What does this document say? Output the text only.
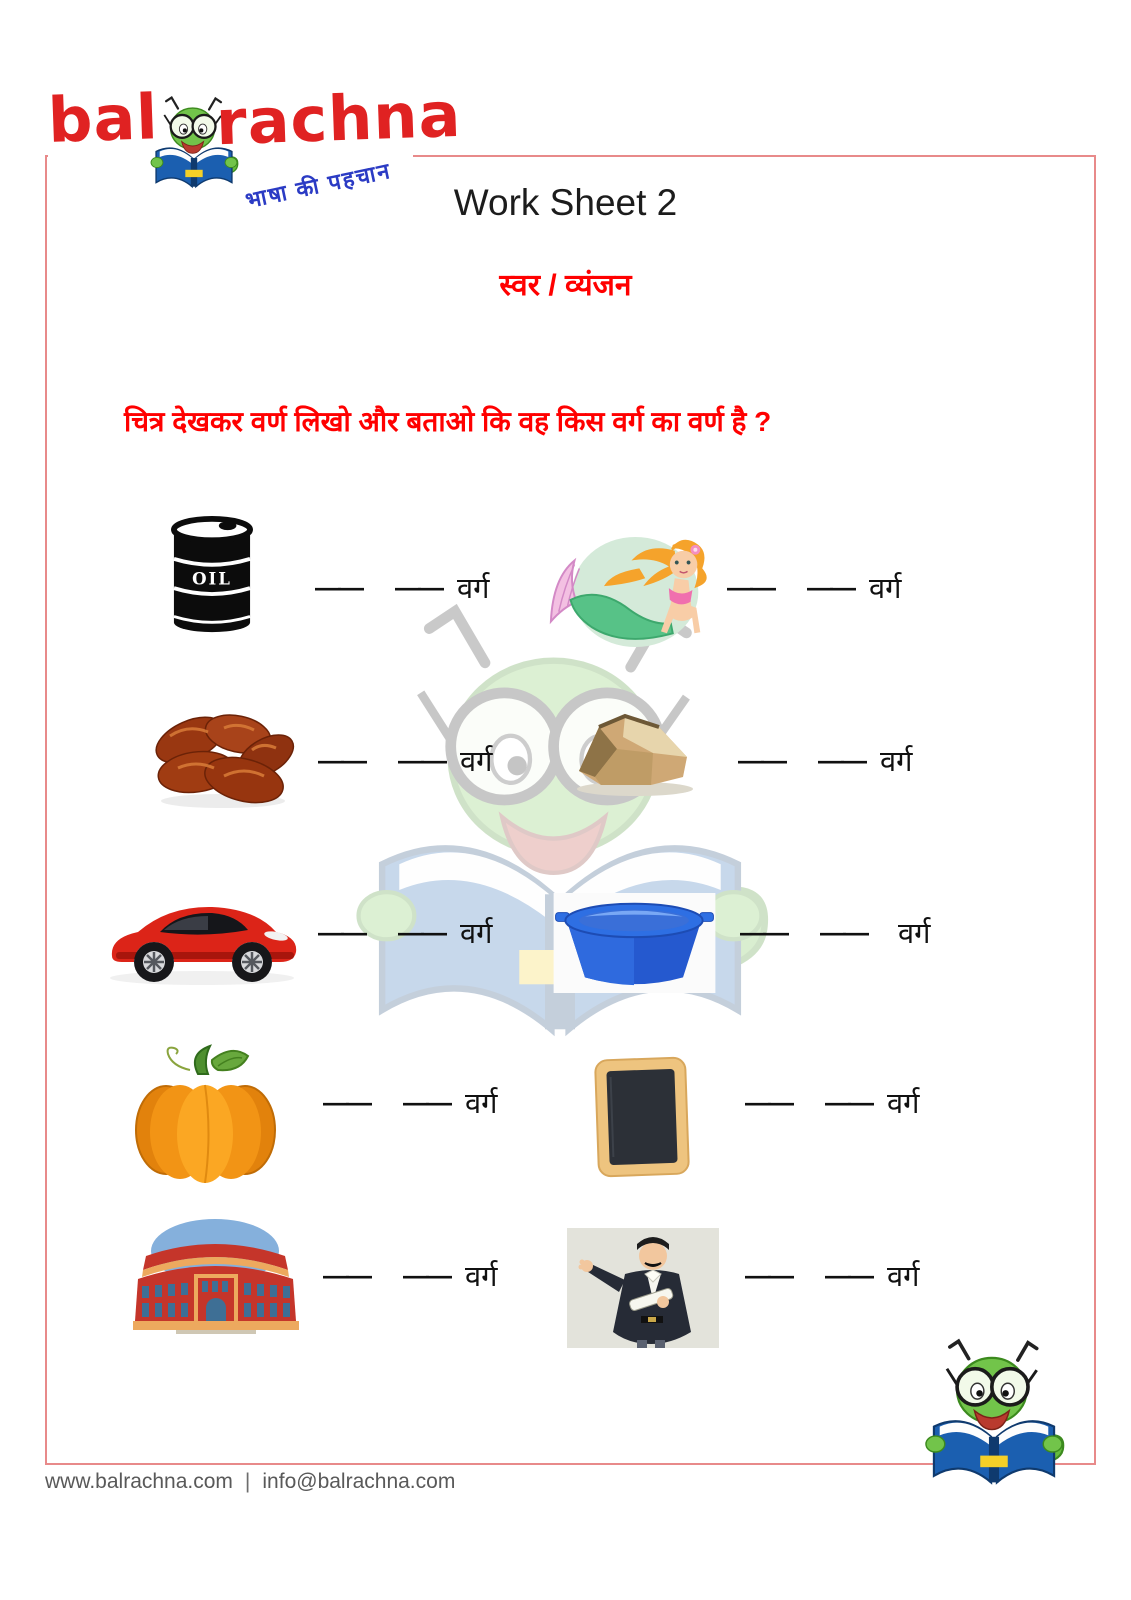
bal rachna
भाषा की पहचान	Work Sheet 2
स्वर / व्यंजन
चित्र देखकर वर्ण लिखो और बताओ कि वह किस वर्ग का वर्ण है ?
OIL	—— —— वर्ग	—— —— वर्ग
—— —— वर्ग	—— —— वर्ग
—— —— वर्ग	—— —— वर्ग
—— —— वर्ग	—— —— वर्ग
—— —— वर्ग	—— —— वर्ग
www.balrachna.com | info@balrachna.com
